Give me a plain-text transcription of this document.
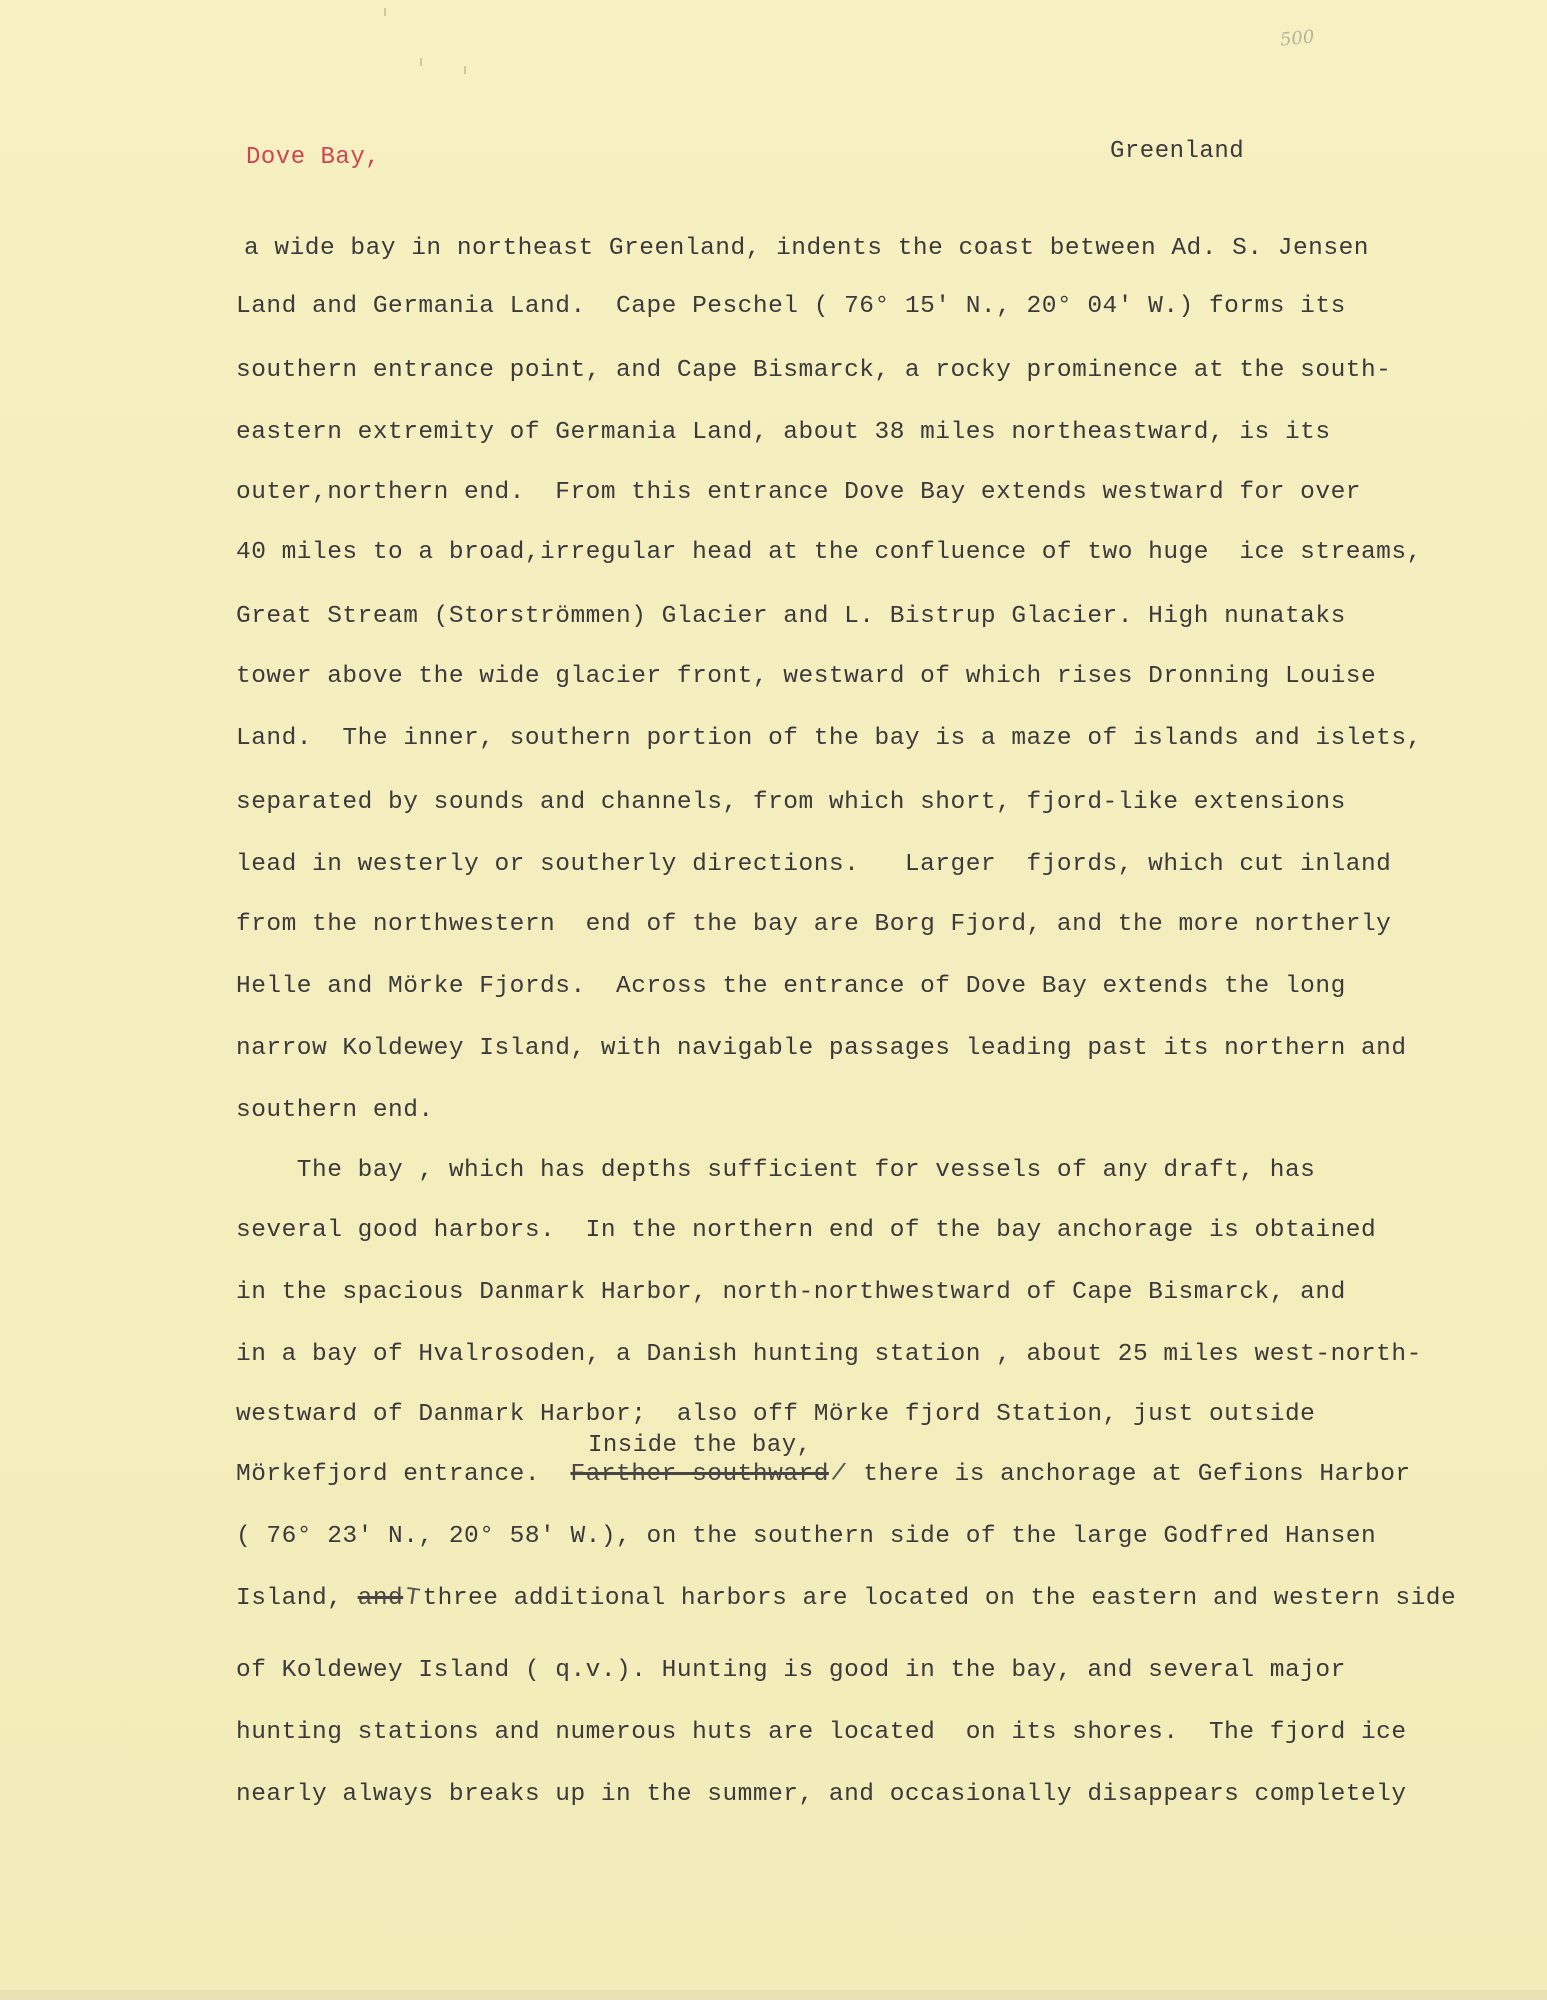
500
Dove Bay,	Greenland
a wide bay in northeast Greenland, indents the coast between Ad. S. Jensen
Land and Germania Land.  Cape Peschel ( 76° 15' N., 20° 04' W.) forms its
southern entrance point, and Cape Bismarck, a rocky prominence at the south-
eastern extremity of Germania Land, about 38 miles northeastward, is its
outer,northern end.  From this entrance Dove Bay extends westward for over
40 miles to a broad,irregular head at the confluence of two huge  ice streams,
Great Stream (Storströmmen) Glacier and L. Bistrup Glacier. High nunataks
tower above the wide glacier front, westward of which rises Dronning Louise
Land.  The inner, southern portion of the bay is a maze of islands and islets,
separated by sounds and channels, from which short, fjord-like extensions
lead in westerly or southerly directions.   Larger  fjords, which cut inland
from the northwestern  end of the bay are Borg Fjord, and the more northerly
Helle and Mörke Fjords.  Across the entrance of Dove Bay extends the long
narrow Koldewey Island, with navigable passages leading past its northern and
southern end.
The bay , which has depths sufficient for vessels of any draft, has
several good harbors.  In the northern end of the bay anchorage is obtained
in the spacious Danmark Harbor, north-northwestward of Cape Bismarck, and
in a bay of Hvalrosoden, a Danish hunting station , about 25 miles west-north-
westward of Danmark Harbor;  also off Mörke fjord Station, just outside
Inside the bay,
Mörkefjord entrance.  Farther southward/ there is anchorage at Gefions Harbor
( 76° 23' N., 20° 58' W.), on the southern side of the large Godfred Hansen
Island, andTthree additional harbors are located on the eastern and western side
of Koldewey Island ( q.v.). Hunting is good in the bay, and several major
hunting stations and numerous huts are located  on its shores.  The fjord ice
nearly always breaks up in the summer, and occasionally disappears completely
